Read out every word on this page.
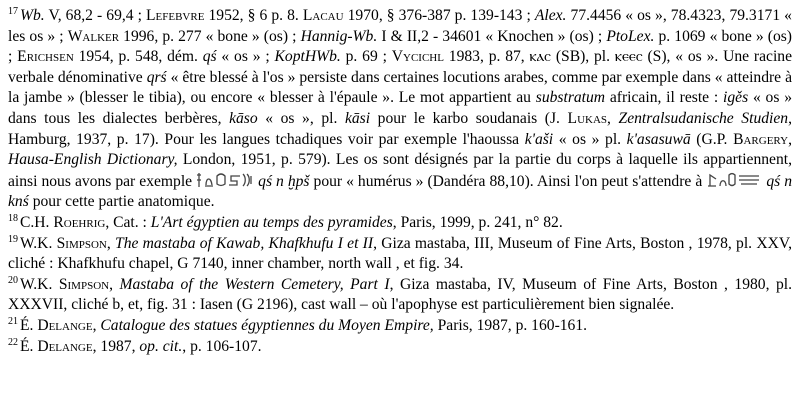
$^{17}$ Wb. V, 68,2 - 69,4 ; Lefebvre 1952, § 6 p. 8. Lacau 1970, § 376-387 p. 139-143 ; Alex. 77.4456 « os », 78.4323, 79.3171 « les os » ; Walker 1996, p. 277 « bone » (os) ; Hannig-Wb. I & II,2 - 34601 « Knochen » (os) ; PtoLex. p. 1069 « bone » (os) ; Erichsen 1954, p. 548, dém. qś « os » ; KoptHWb. p. 69 ; Vycichl 1983, p. 87, ⲕⲁⲥ (SB), pl. ⲕⲉⲉⲥ (S), « os ». Une racine verbale dénominative qrś « être blessé à l'os » persiste dans certaines locutions arabes, comme par exemple dans « atteindre à la jambe » (blesser le tibia), ou encore « blesser à l'épaule ». Le mot appartient au substratum africain, il reste : igěs « os » dans tous les dialectes berbères, kāso « os », pl. kāsi pour le karbo soudanais (J. Lukas, Zentralsudanische Studien, Hamburg, 1937, p. 17). Pour les langues tchadiques voir par exemple l'haoussa k'aši « os » pl. k'asasuwā (G.P. Bargery, Hausa-English Dictionary, London, 1951, p. 579). Les os sont désignés par la partie du corps à laquelle ils appartiennent, ainsi nous avons par exemple	qś n ḫpš pour « humérus » (Dandéra 88,10). Ainsi l'on peut s'attendre à	qś n knś pour cette partie anatomique.

$^{18}$ C.H. Roehrig, Cat. : L'Art égyptien au temps des pyramides, Paris, 1999, p. 241, n° 82.

$^{19}$ W.K. Simpson, The mastaba of Kawab, Khafkhufu I et II, Giza mastaba, III, Museum of Fine Arts, Boston , 1978, pl. XXV, cliché : Khafkhufu chapel, G 7140, inner chamber, north wall , et fig. 34.

$^{20}$ W.K. Simpson, Mastaba of the Western Cemetery, Part I, Giza mastaba, IV, Museum of Fine Arts, Boston , 1980, pl. XXXVII, cliché b, et, fig. 31 : Iasen (G 2196), cast wall – où l'apophyse est particulièrement bien signalée.

$^{21}$ É. Delange, Catalogue des statues égyptiennes du Moyen Empire, Paris, 1987, p. 160-161.

$^{22}$ É. Delange, 1987, op. cit., p. 106-107.
